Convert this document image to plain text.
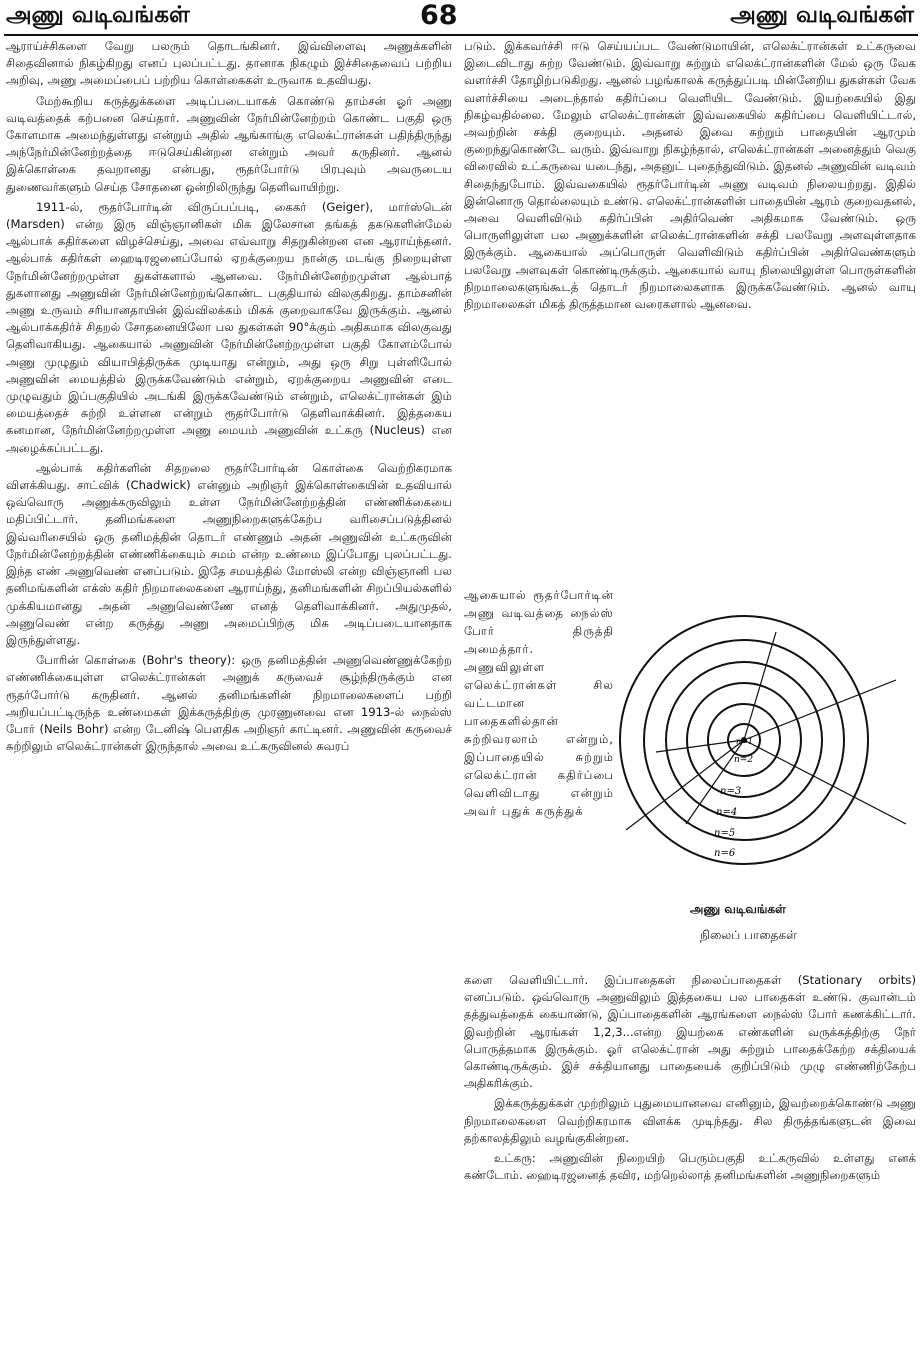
அணு வடிவங்கள்	68	அணு வடிவங்கள்

ஆராய்ச்சிகளை வேறு பலரும் தொடங்கினர். இவ்விளைவு அணுக்களின் சிதைவினால் நிகழ்கிறது எனப் புலப்பட்டது. தானாக நிகழும் இச்சிதைவைப் பற்றிய அறிவு, அணு அமைப்பைப் பற்றிய கொள்கைகள் உருவாக உதவியது.

மேற்கூறிய கருத்துக்களை அடிப்படையாகக் கொண்டு தாம்சன் ஓர் அணு வடிவத்தைக் கற்பனை செய்தார். அணுவின் நேர்மின்னேற்றம் கொண்ட பகுதி ஒரு கோளமாக அமைந்துள்ளது என்றும் அதில் ஆங்காங்கு எலெக்ட்ரான்கள் பதிந்திருந்து அந்நேர்மின்னேற்றத்தை ஈடுசெய்கின்றன என்றும் அவர் கருதினர். ஆனல் இக்கொள்கை தவறானது என்பது, ரூதர்போர்டு பிரபுவும் அவருடைய துணைவர்களும் செய்த சோதனை ஒன்றிலிருந்து தெளிவாயிற்று.

1911-ல், ரூதர்போர்டின் விருப்பப்படி, கைகர் (Geiger), மார்ஸ்டென் (Marsden) என்ற இரு விஞ்ஞானிகள் மிக இலேசான தங்கத் தகடுகளின்மேல் ஆல்பாக் கதிர்களை விழச்செய்து, அவை எவ்வாறு சிதறுகின்றன என ஆராய்ந்தனர். ஆல்பாக் கதிர்கள் ஹைடிரஜனைப்போல் ஏறக்குறைய நான்கு மடங்கு நிறையுள்ள நேர்மின்னேற்றமுள்ள துகள்களால் ஆனவை. நேர்மின்னேற்றமுள்ள ஆல்பாத் துகளானது அணுவின் நேர்மின்னேற்றங்கொண்ட பகுதியால் விலகுகிறது. தாம்சனின் அணு உருவம் சரியானதாயின் இவ்விலக்கம் மிகக் குறைவாகவே இருக்கும். ஆனல் ஆல்பாக்கதிர்ச் சிதறல் சோதனையிலோ பல துகள்கள் 90°க்கும் அதிகமாக விலகுவது தெளிவாகியது. ஆகையால் அணுவின் நேர்மின்னேற்றமுள்ள பகுதி கோளம்போல் அணு முழுதும் வியாபித்திருக்க முடியாது என்றும், அது ஒரு சிறு புள்ளிபோல் அணுவின் மையத்தில் இருக்கவேண்டும் என்றும், ஏறக்குறைய அணுவின் எடை முழுவதும் இப்பகுதியில் அடங்கி இருக்கவேண்டும் என்றும், எலெக்ட்ரான்கள் இம் மையத்தைச் சுற்றி உள்ளன என்றும் ரூதர்போர்டு தெளிவாக்கினர். இத்தகைய கனமான, நேர்மின்னேற்றமுள்ள அணு மையம் அணுவின் உட்கரு (Nucleus) என அழைக்கப்பட்டது.

ஆல்பாக் கதிர்களின் சிதறலை ரூதர்போர்டின் கொள்கை வெற்றிகரமாக விளக்கியது. சாட்விக் (Chadwick) என்னும் அறிஞர் இக்கொள்கையின் உதவியால் ஒவ்வொரு அணுக்கருவிலும் உள்ள நேர்மின்னேற்றத்தின் எண்ணிக்கையை மதிப்பிட்டார். தனிமங்களை அணுநிறைகளுக்கேற்ப வரிசைப்படுத்தினல் இவ்வரிசையில் ஒரு தனிமத்தின் தொடர் எண்ணும் அதன் அணுவின் உட்கருவின் நேர்மின்னேற்றத்தின் எண்ணிக்கையும் சமம் என்ற உண்மை இப்போது புலப்பட்டது. இந்த எண் அணுவெண் எனப்படும். இதே சமயத்தில் மோஸ்லி என்ற விஞ்ஞானி பல தனிமங்களின் எக்ஸ் கதிர் நிறமாலைகளை ஆராய்ந்து, தனிமங்களின் சிறப்பியல்களில் முக்கியமானது அதன் அணுவெண்ணே எனத் தெளிவாக்கினர். அதுமுதல், அணுவெண் என்ற கருத்து அணு அமைப்பிற்கு மிக அடிப்படையானதாக இருந்துள்ளது.

போரின் கொள்கை (Bohr's theory): ஒரு தனிமத்தின் அணுவெண்ணுக்கேற்ற எண்ணிக்கையுள்ள எலெக்ட்ரான்கள் அணுக் கருவைச் சூழ்ந்திருக்கும் என ரூதர்போர்டு கருதினர். ஆனல் தனிமங்களின் நிறமாலைகளைப் பற்றி அறியப்பட்டிருந்த உண்மைகள் இக்கருத்திற்கு முரணுனவை என 1913-ல் நைல்ஸ் போர் (Neils Bohr) என்ற டேனிஷ் பௌதிக அறிஞர் காட்டினர். அணுவின் கருவைச் சுற்றிலும் எலெக்ட்ரான்கள் இருந்தால் அவை உட்கருவினல் கவரப்

படும். இக்கவர்ச்சி ஈடு செய்யப்பட வேண்டுமாயின், எலெக்ட்ரான்கள் உட்கருவை இடைவிடாது சுற்ற வேண்டும். இவ்வாறு சுற்றும் எலெக்ட்ரான்களின் மேல் ஒரு வேக வளர்ச்சி தோழிற்படுகிறது. ஆனல் பழங்காலக் கருத்துப்படி மின்னேறிய துகள்கள் வேக வளர்ச்சியை அடைந்தால் கதிர்ப்பை வெளியிட வேண்டும். இயற்கையில் இது நிகழ்வதில்லை. மேலும் எலெக்ட்ரான்கள் இவ்வகையில் கதிர்ப்பை வெளியிட்டால், அவற்றின் சக்தி குறையும். அதனல் இவை சுற்றும் பாதையின் ஆரமும் குறைந்துகொண்டே வரும். இவ்வாறு நிகழ்ந்தால், எலெக்ட்ரான்கள் அனைத்தும் வெகு விரைவில் உட்கருவை யடைந்து, அதனுட் புதைந்துவிடும். இதனல் அணுவின் வடிவம் சிதைந்துபோம். இவ்வகையில் ரூதர்போர்டின் அணு வடிவம் நிலையற்றது. இதில் இன்னொரு தொல்லையும் உண்டு. எலெக்ட்ரான்களின் பாதையின் ஆரம் குறைவதனல், அவை வெளிவிடும் கதிர்ப்பின் அதிர்வெண் அதிகமாக வேண்டும். ஒரு பொருளிலுள்ள பல அணுக்களின் எலெக்ட்ரான்களின் சக்தி பலவேறு அளவுள்ளதாக இருக்கும். ஆகையால் அப்பொருள் வெளிவிடும் கதிர்ப்பின் அதிர்வெண்களும் பலவேறு அளவுகள் கொண்டிருக்கும். ஆகையால் வாயு நிலையிலுள்ள பொருள்களின் நிறமாலைகளுங்கூடத் தொடர் நிறமாலைகளாக இருக்கவேண்டும். ஆனல் வாயு நிறமாலைகள் மிகத் திருத்தமான வரைகளால் ஆனவை.

ஆகையால் ரூதர்போர்டின் அணு வடிவத்தை நைல்ஸ் போர் திருத்தி அமைத்தார். அணுவிலுள்ள எலெக்ட்ரான்கள் சில வட்டமான பாதைகளில்தான் சுற்றிவரலாம் என்றும், இப்பாதையில் சுற்றும் எலெக்ட்ரான் கதிர்ப்பை வெளிவிடாது என்றும் அவர் புதுக் கருத்துக்

n=1
n=2
n=3
n=4
n=5
n=6
அணு வடிவங்கள்
நிலைப் பாதைகள்

களை வெளியிட்டார். இப்பாதைகள் நிலைப்பாதைகள் (Stationary orbits) எனப்படும். ஒவ்வொரு அணுவிலும் இத்தகைய பல பாதைகள் உண்டு. குவான்டம் தத்துவத்தைக் கையாண்டு, இப்பாதைகளின் ஆரங்களை நைல்ஸ் போர் கணக்கிட்டார். இவற்றின் ஆரங்கள் 1,2,3...என்ற இயற்கை எண்களின் வருக்கத்திற்கு நேர் பொருத்தமாக இருக்கும். ஓர் எலெக்ட்ரான் அது சுற்றும் பாதைக்கேற்ற சக்தியைக் கொண்டிருக்கும். இச் சக்தியானது பாதையைக் குறிப்பிடும் முழு எண்ணிற்கேற்ப அதிகரிக்கும்.

இக்கருத்துக்கள் முற்றிலும் புதுமையானவை எனினும், இவற்றைக்கொண்டு அணு நிறமாலைகளை வெற்றிகரமாக விளக்க முடிந்தது. சில திருத்தங்களுடன் இவை தற்காலத்திலும் வழங்குகின்றன.

உட்கரு: அணுவின் நிறையிற் பெரும்பகுதி உட்கருவில் உள்ளது எனக் கண்டோம். ஹைடிரஜனைத் தவிர, மற்றெல்லாத் தனிமங்களின் அணுநிறைகளும்
